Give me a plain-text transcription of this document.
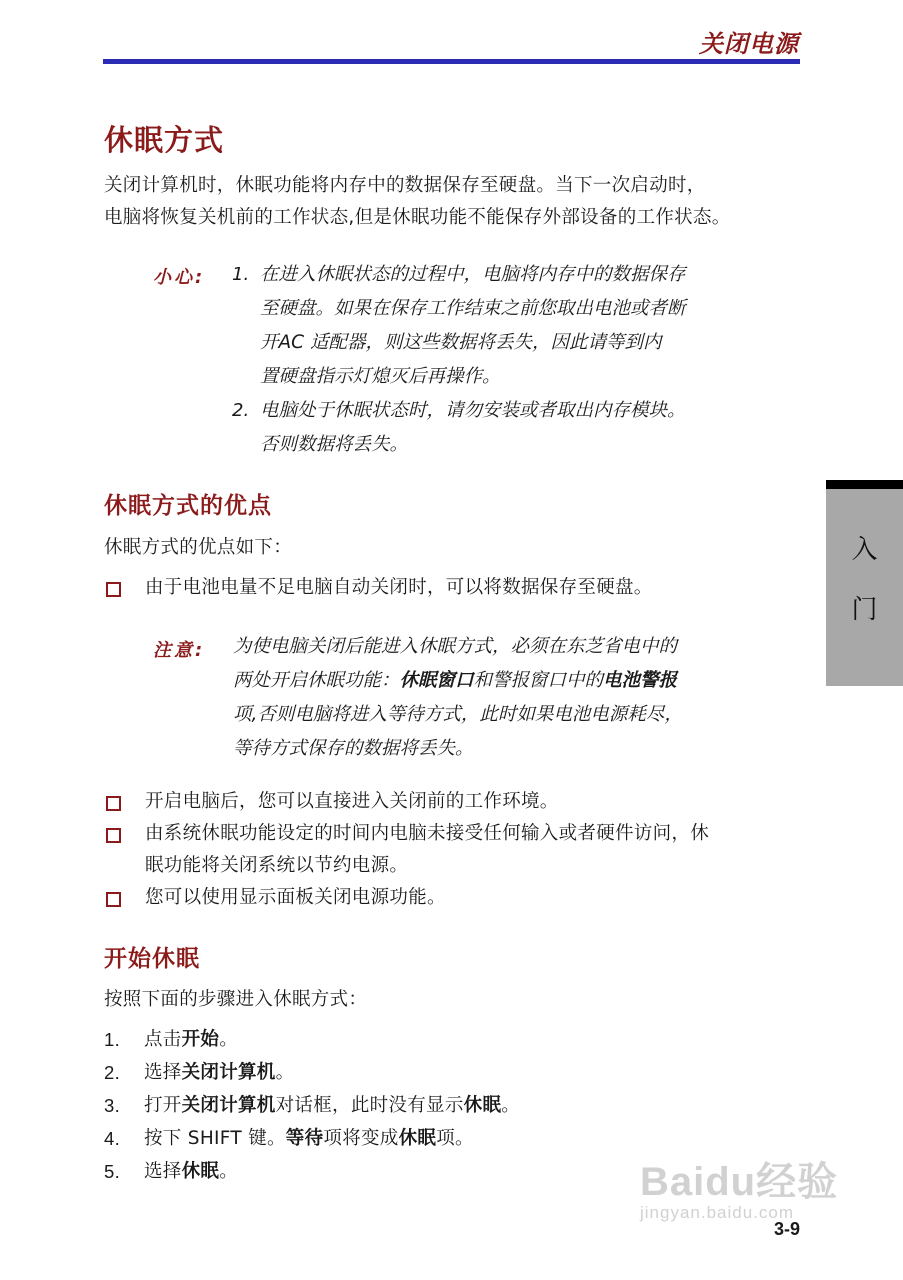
关闭电源
休眠方式
关闭计算机时，休眠功能将内存中的数据保存至硬盘。当下一次启动时，
电脑将恢复关机前的工作状态,但是休眠功能不能保存外部设备的工作状态。
小心: 1. 在进入休眠状态的过程中，电脑将内存中的数据保存
至硬盘。如果在保存工作结束之前您取出电池或者断
开AC 适配器，则这些数据将丢失，因此请等到内
置硬盘指示灯熄灭后再操作。
2. 电脑处于休眠状态时，请勿安装或者取出内存模块。
否则数据将丢失。
休眠方式的优点
休眠方式的优点如下：
由于电池电量不足电脑自动关闭时，可以将数据保存至硬盘。
注意: 为使电脑关闭后能进入休眠方式，必须在东芝省电中的
两处开启休眠功能：休眠窗口和警报窗口中的电池警报
项,否则电脑将进入等待方式，此时如果电池电源耗尽，
等待方式保存的数据将丢失。
开启电脑后，您可以直接进入关闭前的工作环境。
由系统休眠功能设定的时间内电脑未接受任何输入或者硬件访问，休
眠功能将关闭系统以节约电源。
您可以使用显示面板关闭电源功能。
开始休眠
按照下面的步骤进入休眠方式：
1.	点击 开始 。
2.	选择 关闭计算机 。
3.	打开 关闭计算机 对话框，此时没有显示 休眠 。
4.	按下 SHIFT 键。 等待 项将变成 休眠 项。
5.	选择 休眠 。
入
门
Baidu经验
jingyan.baidu.com
3-9
